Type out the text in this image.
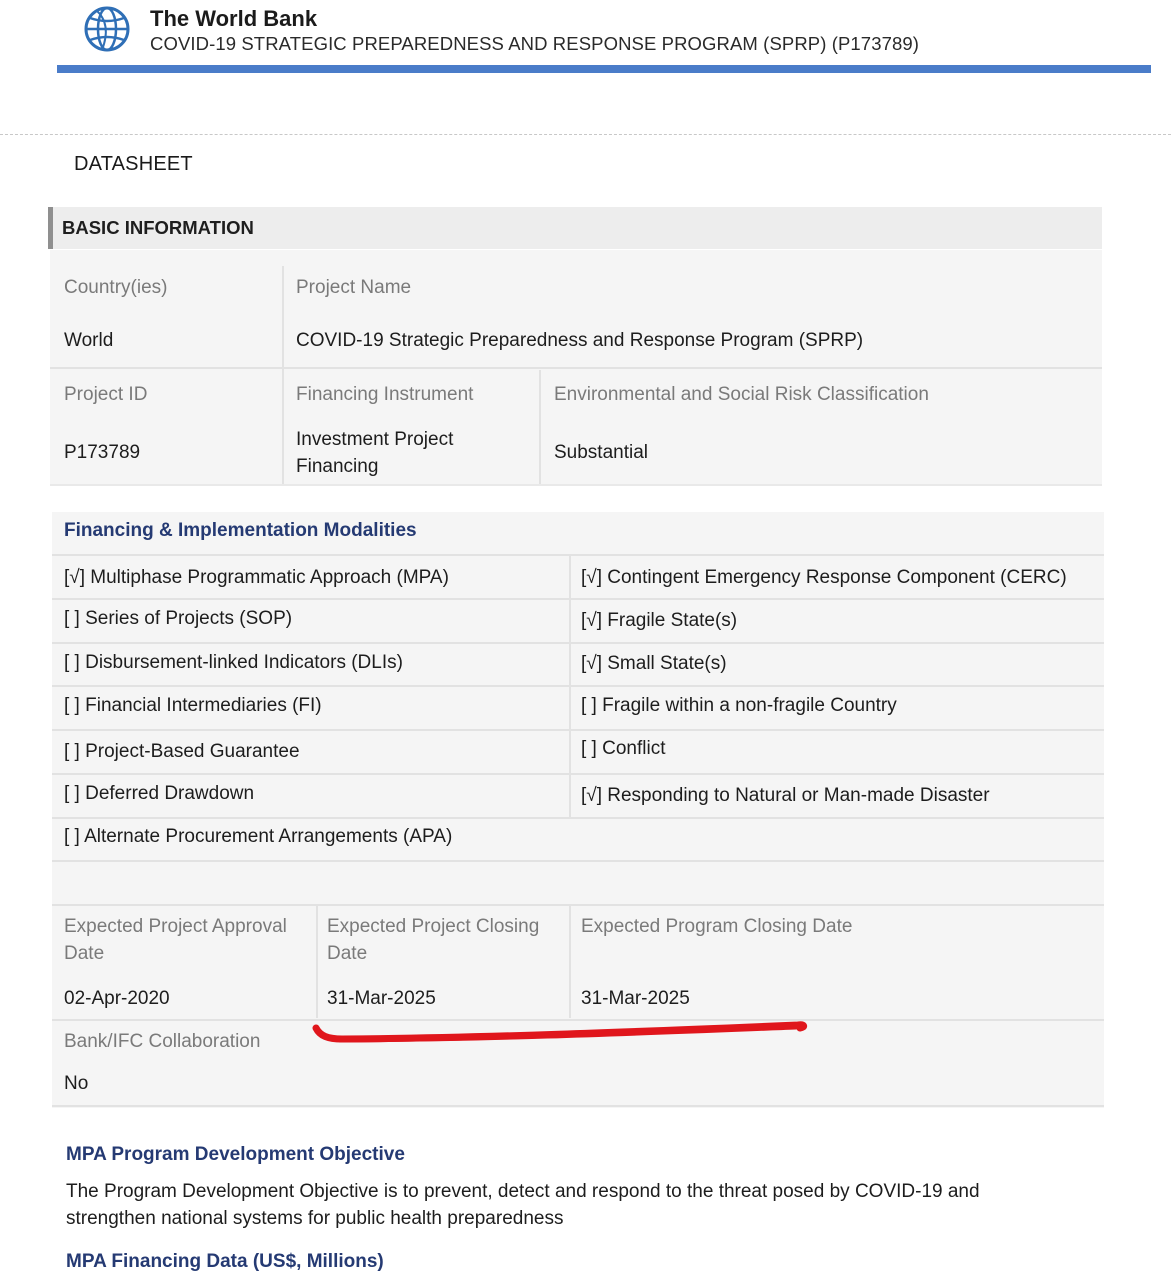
The World Bank
COVID-19 STRATEGIC PREPAREDNESS AND RESPONSE PROGRAM (SPRP) (P173789)
DATASHEET
BASIC INFORMATION
Country(ies)
World
Project Name
COVID-19 Strategic Preparedness and Response Program (SPRP)
Project ID
P173789
Financing Instrument
Investment Project
Financing
Environmental and Social Risk Classification
Substantial
Financing & Implementation Modalities
[√] Multiphase Programmatic Approach (MPA)
[ ] Series of Projects (SOP)
[ ] Disbursement-linked Indicators (DLIs)
[ ] Financial Intermediaries (FI)
[ ] Project-Based Guarantee
[ ] Deferred Drawdown
[ ] Alternate Procurement Arrangements (APA)
[√] Contingent Emergency Response Component (CERC)
[√] Fragile State(s)
[√] Small State(s)
[ ] Fragile within a non-fragile Country
[ ] Conflict
[√] Responding to Natural or Man-made Disaster
Expected Project Approval
Date
02-Apr-2020
Expected Project Closing
Date
31-Mar-2025
Expected Program Closing Date
31-Mar-2025
Bank/IFC Collaboration
No
MPA Program Development Objective
The Program Development Objective is to prevent, detect and respond to the threat posed by COVID-19 and
strengthen national systems for public health preparedness
MPA Financing Data (US$, Millions)
